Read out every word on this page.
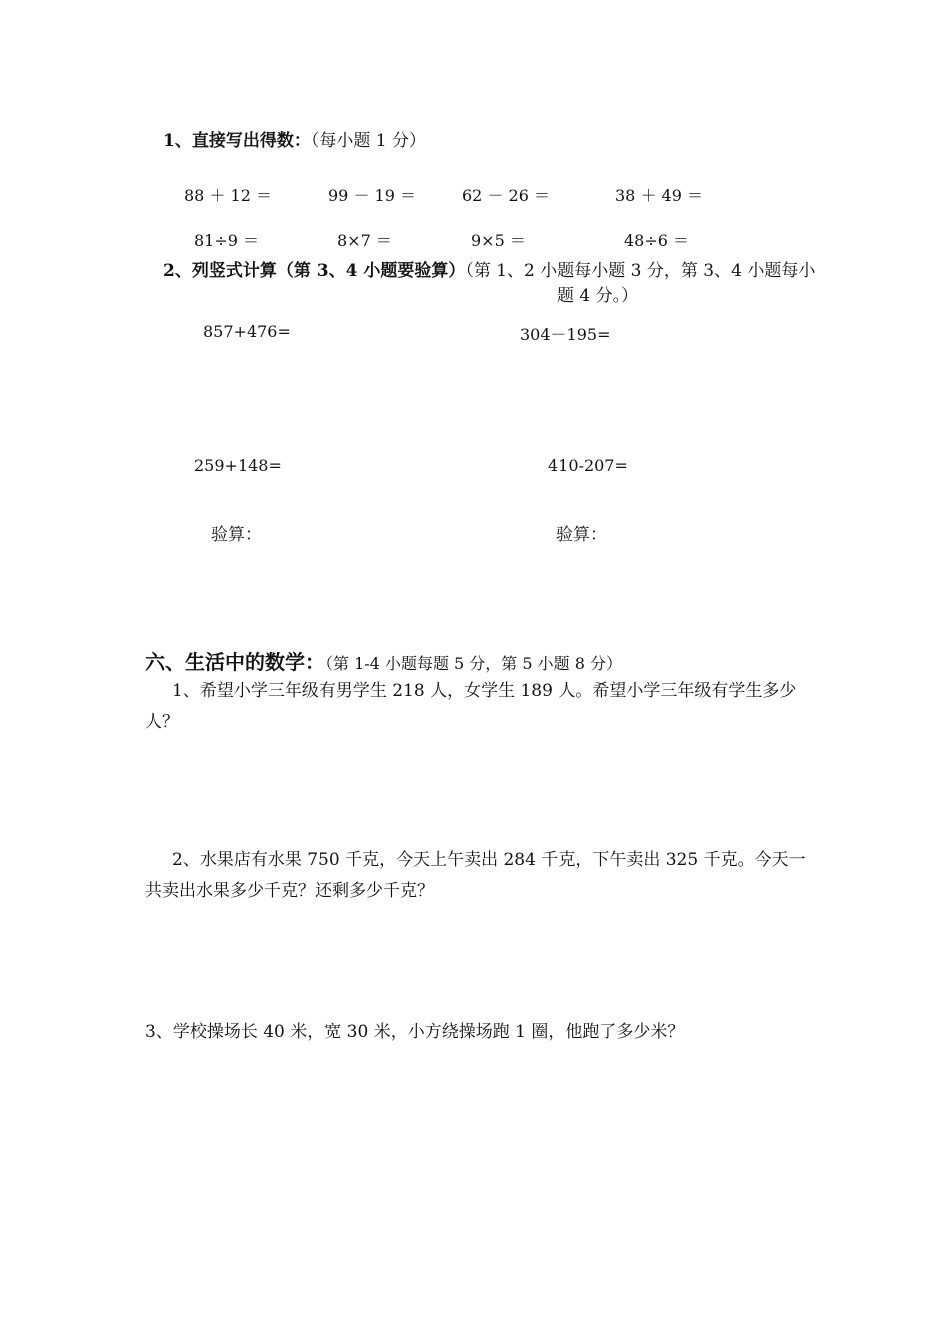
1、直接写出得数：（每小题 1 分）
88 ＋ 12 ＝	99 － 19 ＝	62 － 26 ＝	38 ＋ 49 ＝
81÷9 ＝	8×7 ＝	9×5 ＝	48÷6 ＝
2、列竖式计算（第 3、4 小题要验算）（第 1、2 小题每小题 3 分，第 3、4 小题每小
题 4 分。）
857+476=	304－195=
259+148=	410-207=
验算：	验算：
六、生活中的数学：（第 1-4 小题每题 5 分，第 5 小题 8 分）
1、希望小学三年级有男学生 218 人，女学生 189 人。希望小学三年级有学生多少人？
2、水果店有水果 750 千克，今天上午卖出 284 千克，下午卖出 325 千克。今天一共卖出水果多少千克？还剩多少千克？
3、学校操场长 40 米，宽 30 米，小方绕操场跑 1 圈，他跑了多少米？
